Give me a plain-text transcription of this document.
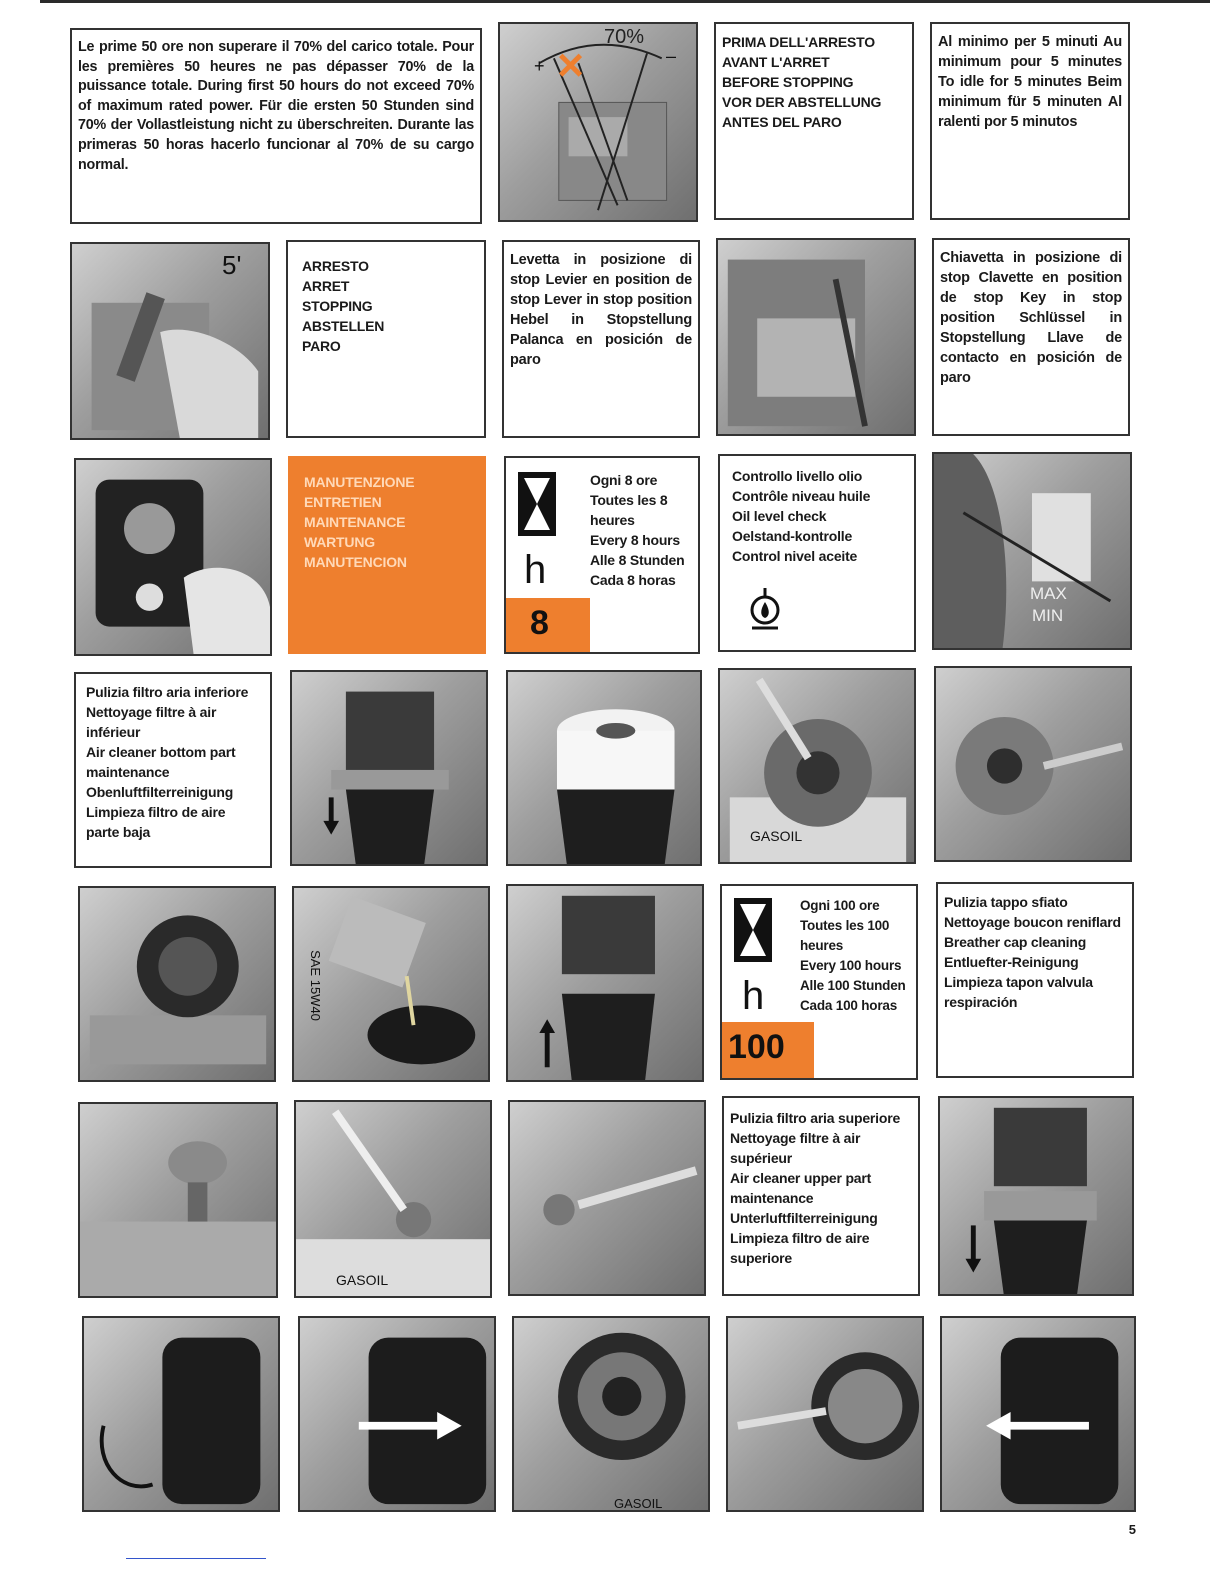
Le prime 50 ore non superare il 70% del carico totale. Pour les premières 50 heures ne pas dépasser 70% de la puissance totale. During first 50 hours do not exceed 70% of maximum rated power. Für die ersten 50 Stunden sind 70% der Vollastleistung nicht zu überschreiten. Durante las primeras 50 horas hacerlo funcionar al 70% de su cargo normal.
70%
+	–
PRIMA DELL'ARRESTO
AVANT L'ARRET
BEFORE STOPPING
VOR DER ABSTELLUNG
ANTES DEL PARO
Al minimo per 5 minuti Au minimum pour 5 minutes To idle for 5 minutes Beim minimum für 5 minuten Al ralenti por 5 minutos
5'	ARRESTO
ARRET
STOPPING
ABSTELLEN
PARO
Levetta in posizione di stop Levier en position de stop Lever in stop position Hebel in Stopstellung Palanca en posición de paro
Chiavetta in posizione di stop Clavette en position de stop Key in stop position Schlüssel in Stopstellung Llave de contacto en posición de paro
MANUTENZIONE
ENTRETIEN
MAINTENANCE
WARTUNG
MANUTENCION	h
Ogni 8 ore
Toutes les 8 heures
Every 8 hours
Alle 8 Stunden
Cada 8 horas
8
Controllo livello olio
Contrôle niveau huile
Oil level check
Oelstand-kontrolle
Control nivel aceite
MAX
MIN
Pulizia filtro aria inferiore
Nettoyage filtre à air inférieur
Air cleaner bottom part maintenance
Obenluftfilterreinigung
Limpieza filtro de aire parte baja	GASOIL
SAE 15W40	h
Ogni 100 ore
Toutes les 100 heures
Every 100 hours
Alle 100 Stunden
Cada 100 horas
100
Pulizia tappo sfiato
Nettoyage boucon reniflard
Breather cap cleaning
Entluefter-Reinigung
Limpieza tapon valvula respiración
GASOIL
Pulizia filtro aria superiore
Nettoyage filtre à air supérieur
Air cleaner upper part maintenance
Unterluftfilterreinigung
Limpieza filtro de aire superiore
GASOIL
5
